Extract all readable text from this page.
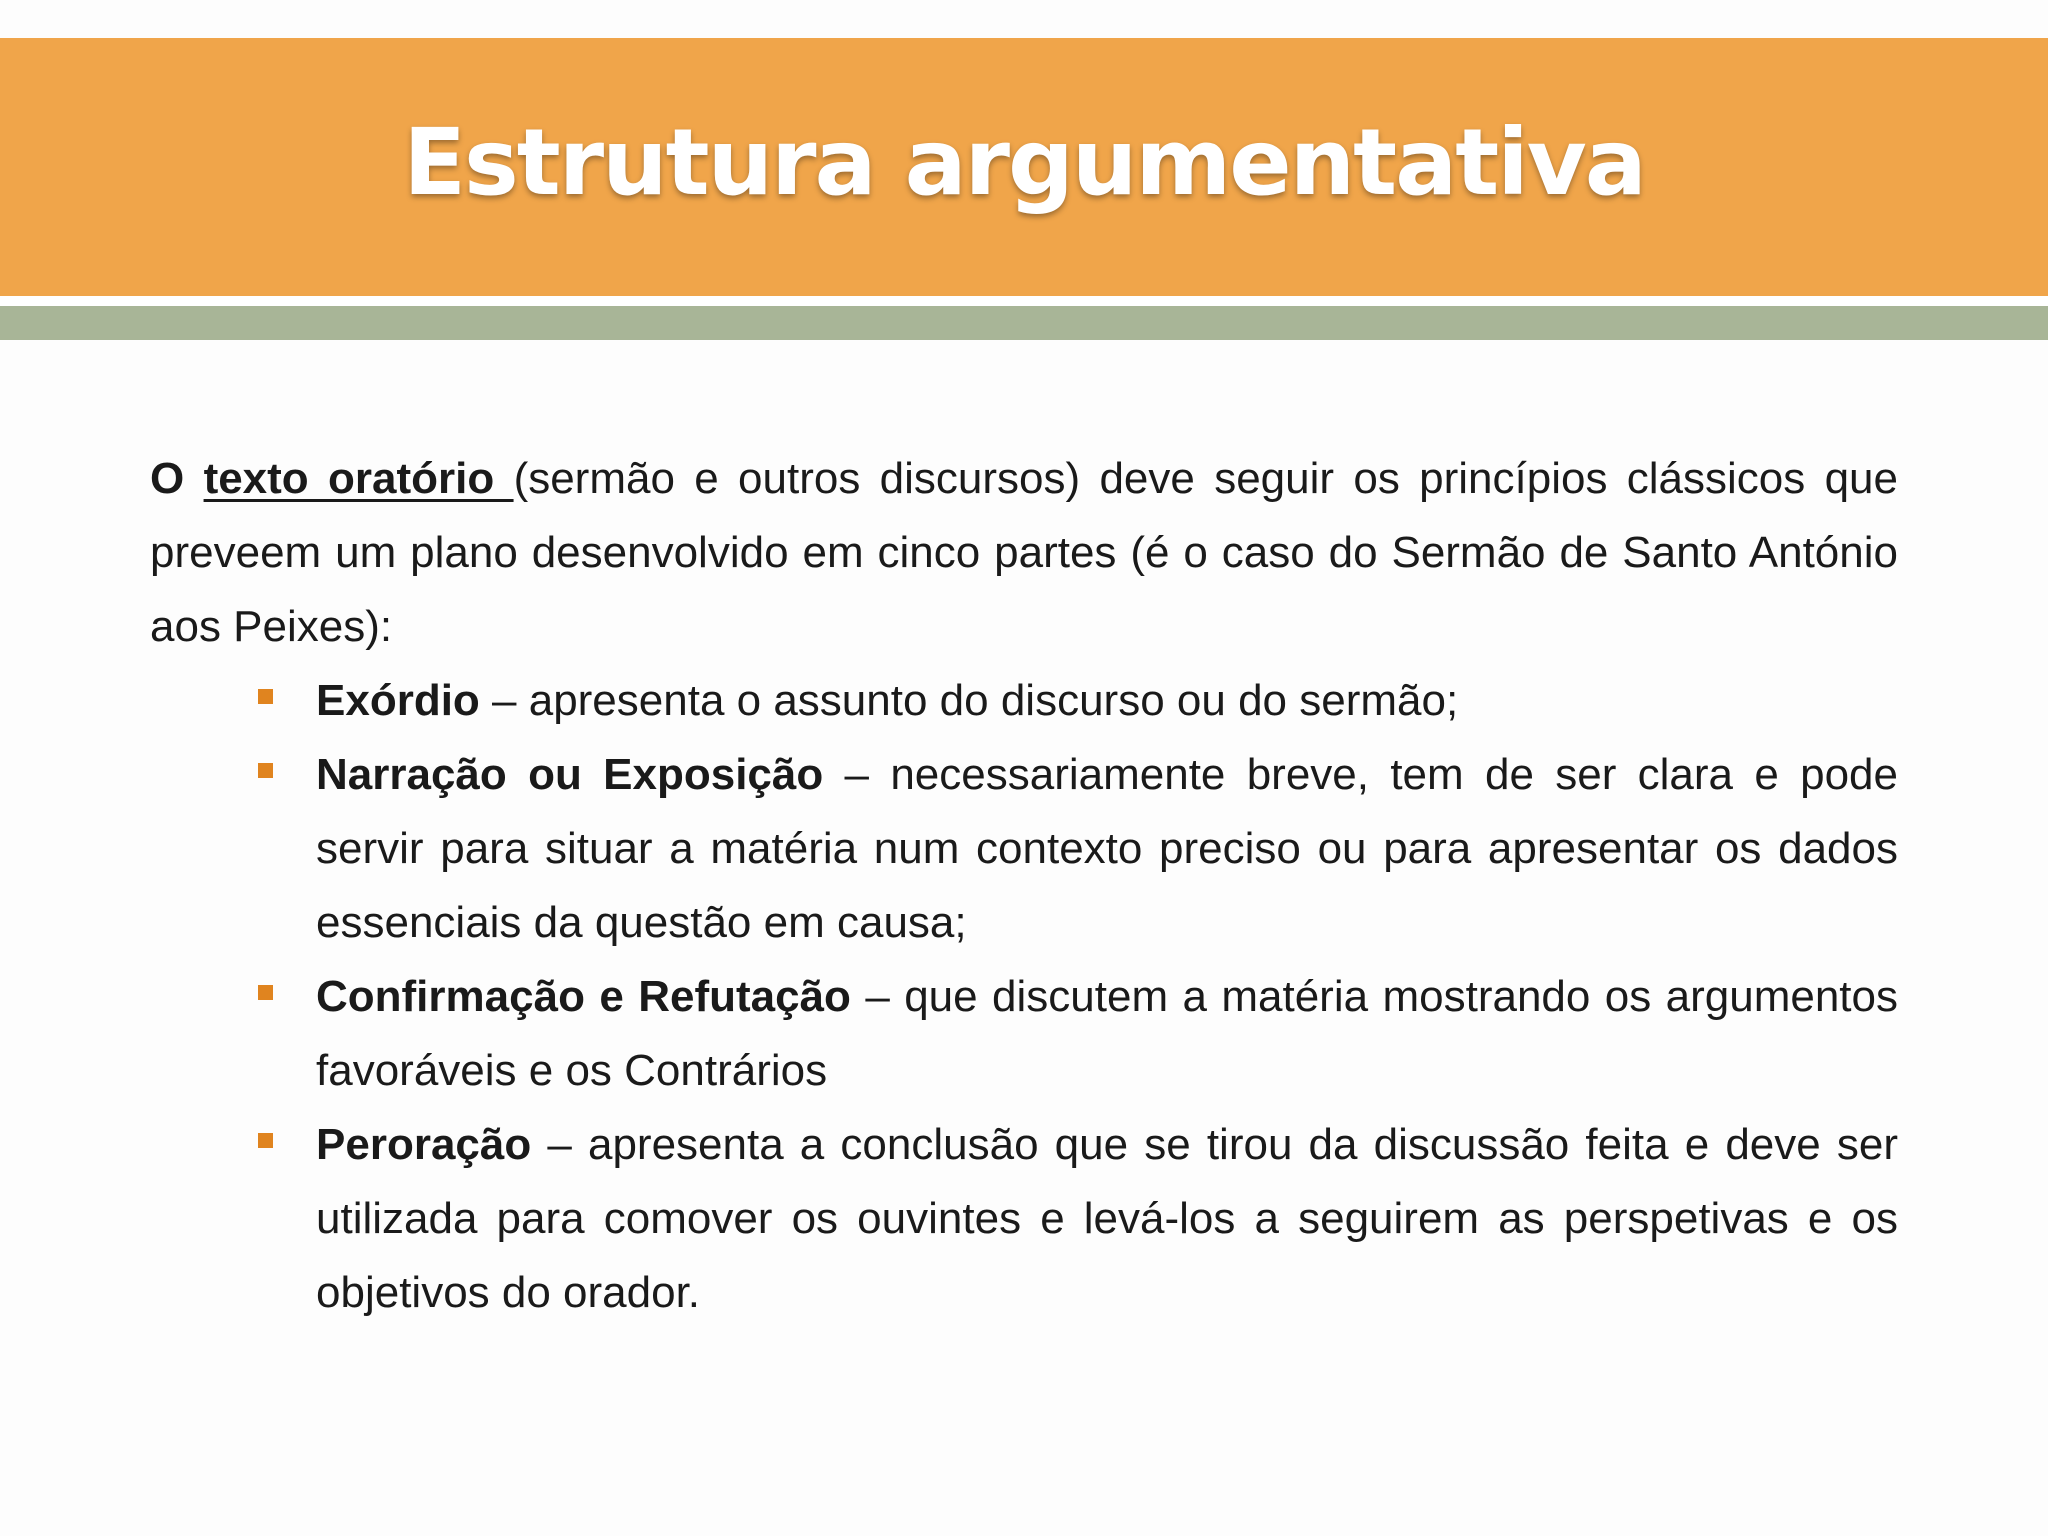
Estrutura argumentativa

O texto oratório (sermão e outros discursos) deve seguir os princípios clássicos que preveem um plano desenvolvido em cinco partes (é o caso do Sermão de Santo António aos Peixes):

Exórdio – apresenta o assunto do discurso ou do sermão;
Narração ou Exposição – necessariamente breve, tem de ser clara e pode servir para situar a matéria num contexto preciso ou para apresentar os dados essenciais da questão em causa;
Confirmação e Refutação – que discutem a matéria mostrando os argumentos favoráveis e os Contrários
Peroração – apresenta a conclusão que se tirou da discussão feita e deve ser utilizada para comover os ouvintes e levá-los a seguirem as perspetivas e os objetivos do orador.
